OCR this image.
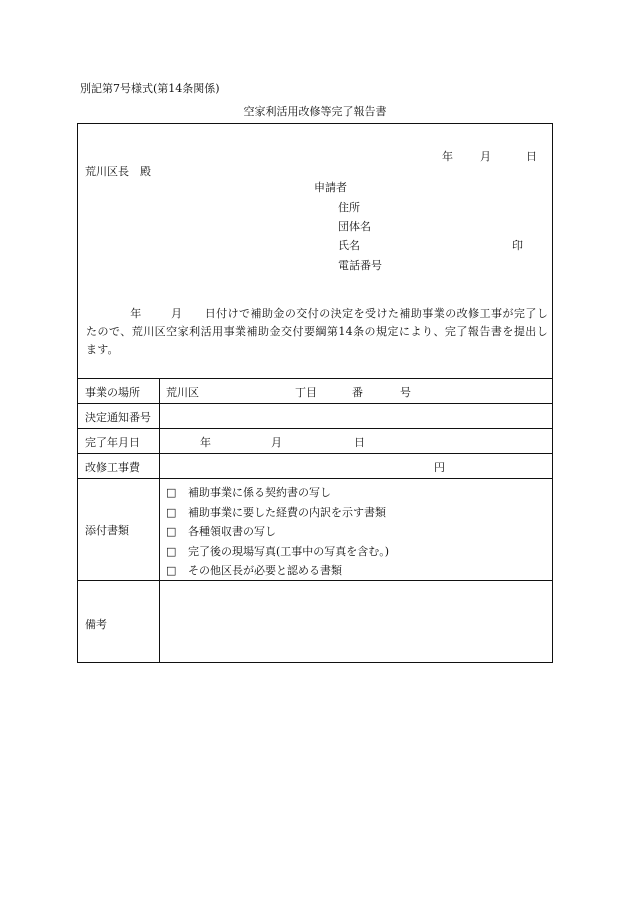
別記第7号様式(第14条関係)
空家利活用改修等完了報告書
年 月	日
荒川区長　殿
申請者
住所
団体名
氏名	印
電話番号
年	月 日付けで補助金の交付の決定を受けた補助事業の改修工事が完了したので、荒川区空家利活用事業補助金交付要綱第14条の規定により、完了報告書を提出します。
事業の場所 荒川区	丁目	番	号
決定通知番号
完了年月日	年	月	日
改修工事費	円
添付書類
□ 補助事業に係る契約書の写し
□ 補助事業に要した経費の内訳を示す書類
□ 各種領収書の写し
□ 完了後の現場写真(工事中の写真を含む。)
□ その他区長が必要と認める書類
備考
